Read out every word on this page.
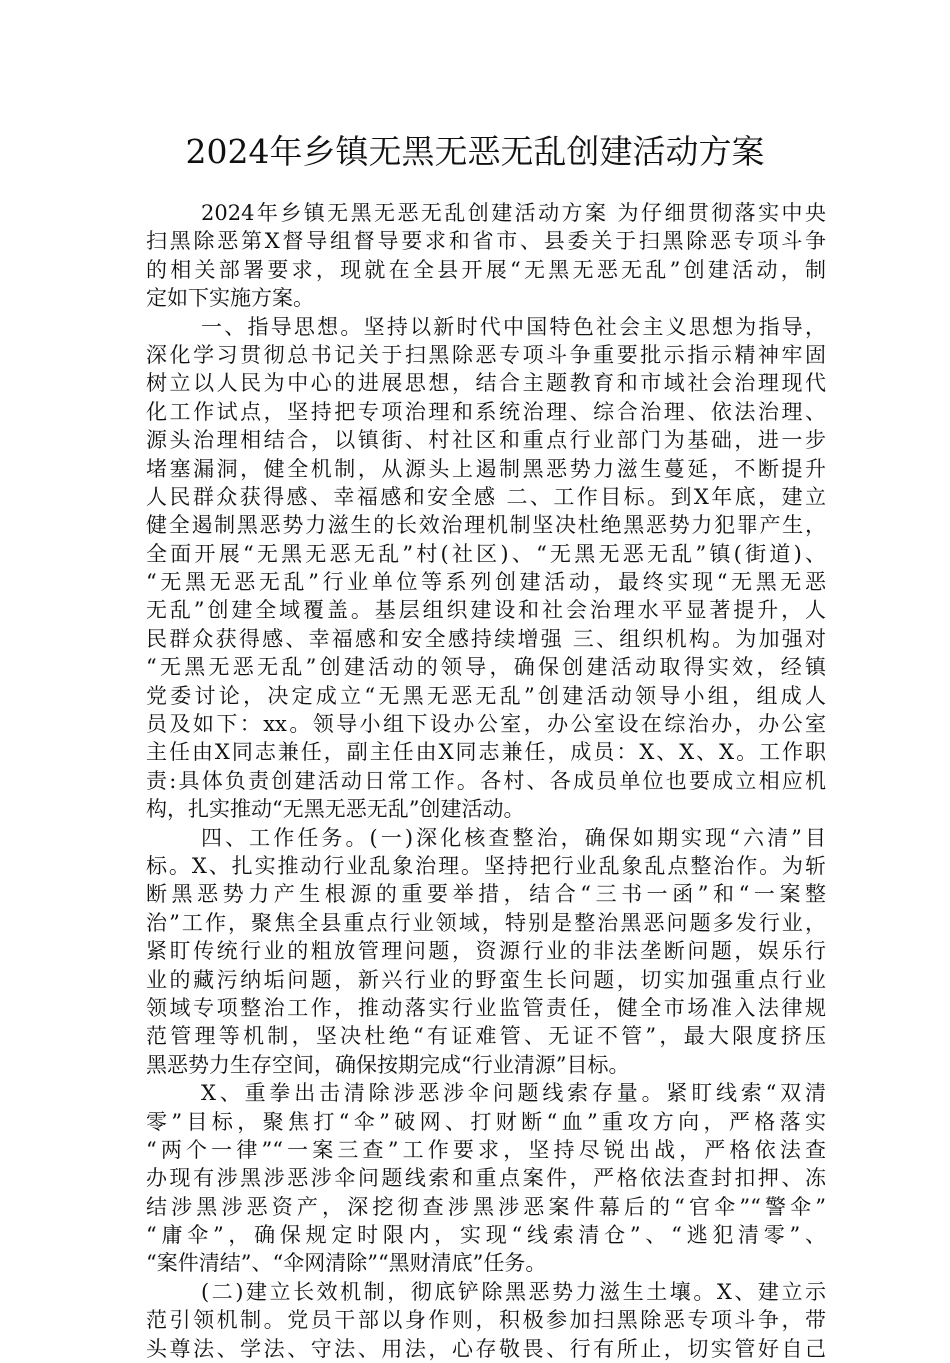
2024年乡镇无黑无恶无乱创建活动方案
2024年乡镇无黑无恶无乱创建活动方案 为仔细贯彻落实中央
扫黑除恶第X督导组督导要求和省市、县委关于扫黑除恶专项斗争
的相关部署要求，现就在全县开展“无黑无恶无乱”创建活动，制
定如下实施方案。
一、指导思想。坚持以新时代中国特色社会主义思想为指导，
深化学习贯彻总书记关于扫黑除恶专项斗争重要批示指示精神牢固
树立以人民为中心的进展思想，结合主题教育和市域社会治理现代
化工作试点，坚持把专项治理和系统治理、综合治理、依法治理、
源头治理相结合，以镇街、村社区和重点行业部门为基础，进一步
堵塞漏洞，健全机制，从源头上遏制黑恶势力滋生蔓延，不断提升
人民群众获得感、幸福感和安全感 二、工作目标。到X年底，建立
健全遏制黑恶势力滋生的长效治理机制坚决杜绝黑恶势力犯罪产生，
全面开展“无黑无恶无乱”村(社区)、“无黑无恶无乱”镇(街道)、
“无黑无恶无乱”行业单位等系列创建活动，最终实现“无黑无恶
无乱”创建全域覆盖。基层组织建设和社会治理水平显著提升，人
民群众获得感、幸福感和安全感持续增强 三、组织机构。为加强对
“无黑无恶无乱”创建活动的领导，确保创建活动取得实效，经镇
党委讨论，决定成立“无黑无恶无乱”创建活动领导小组，组成人
员及如下：xx。领导小组下设办公室，办公室设在综治办，办公室
主任由X同志兼任，副主任由X同志兼任，成员：X、X、X。工作职
责:具体负责创建活动日常工作。各村、各成员单位也要成立相应机
构，扎实推动“无黑无恶无乱”创建活动。
四、工作任务。(一)深化核查整治，确保如期实现“六清”目
标。X、扎实推动行业乱象治理。坚持把行业乱象乱点整治作。为斩
断黑恶势力产生根源的重要举措，结合“三书一函”和“一案整
治”工作，聚焦全县重点行业领域，特别是整治黑恶问题多发行业，
紧盯传统行业的粗放管理问题，资源行业的非法垄断问题，娱乐行
业的藏污纳垢问题，新兴行业的野蛮生长问题，切实加强重点行业
领域专项整治工作，推动落实行业监管责任，健全市场准入法律规
范管理等机制，坚决杜绝“有证难管、无证不管”，最大限度挤压
黑恶势力生存空间，确保按期完成“行业清源”目标。
X、重拳出击清除涉恶涉伞问题线索存量。紧盯线索“双清
零”目标，聚焦打“伞”破网、打财断“血”重攻方向，严格落实
“两个一律”“一案三查”工作要求，坚持尽锐出战，严格依法查
办现有涉黑涉恶涉伞问题线索和重点案件，严格依法查封扣押、冻
结涉黑涉恶资产，深挖彻查涉黑涉恶案件幕后的“官伞”“警伞”
“庸伞”，确保规定时限内，实现“线索清仓”、“逃犯清零”、
“案件清结”、“伞网清除”“黑财清底”任务。
(二)建立长效机制，彻底铲除黑恶势力滋生土壤。X、建立示
范引领机制。党员干部以身作则，积极参加扫黑除恶专项斗争，带
头尊法、学法、守法、用法，心存敬畏、行有所止，切实管好自己
